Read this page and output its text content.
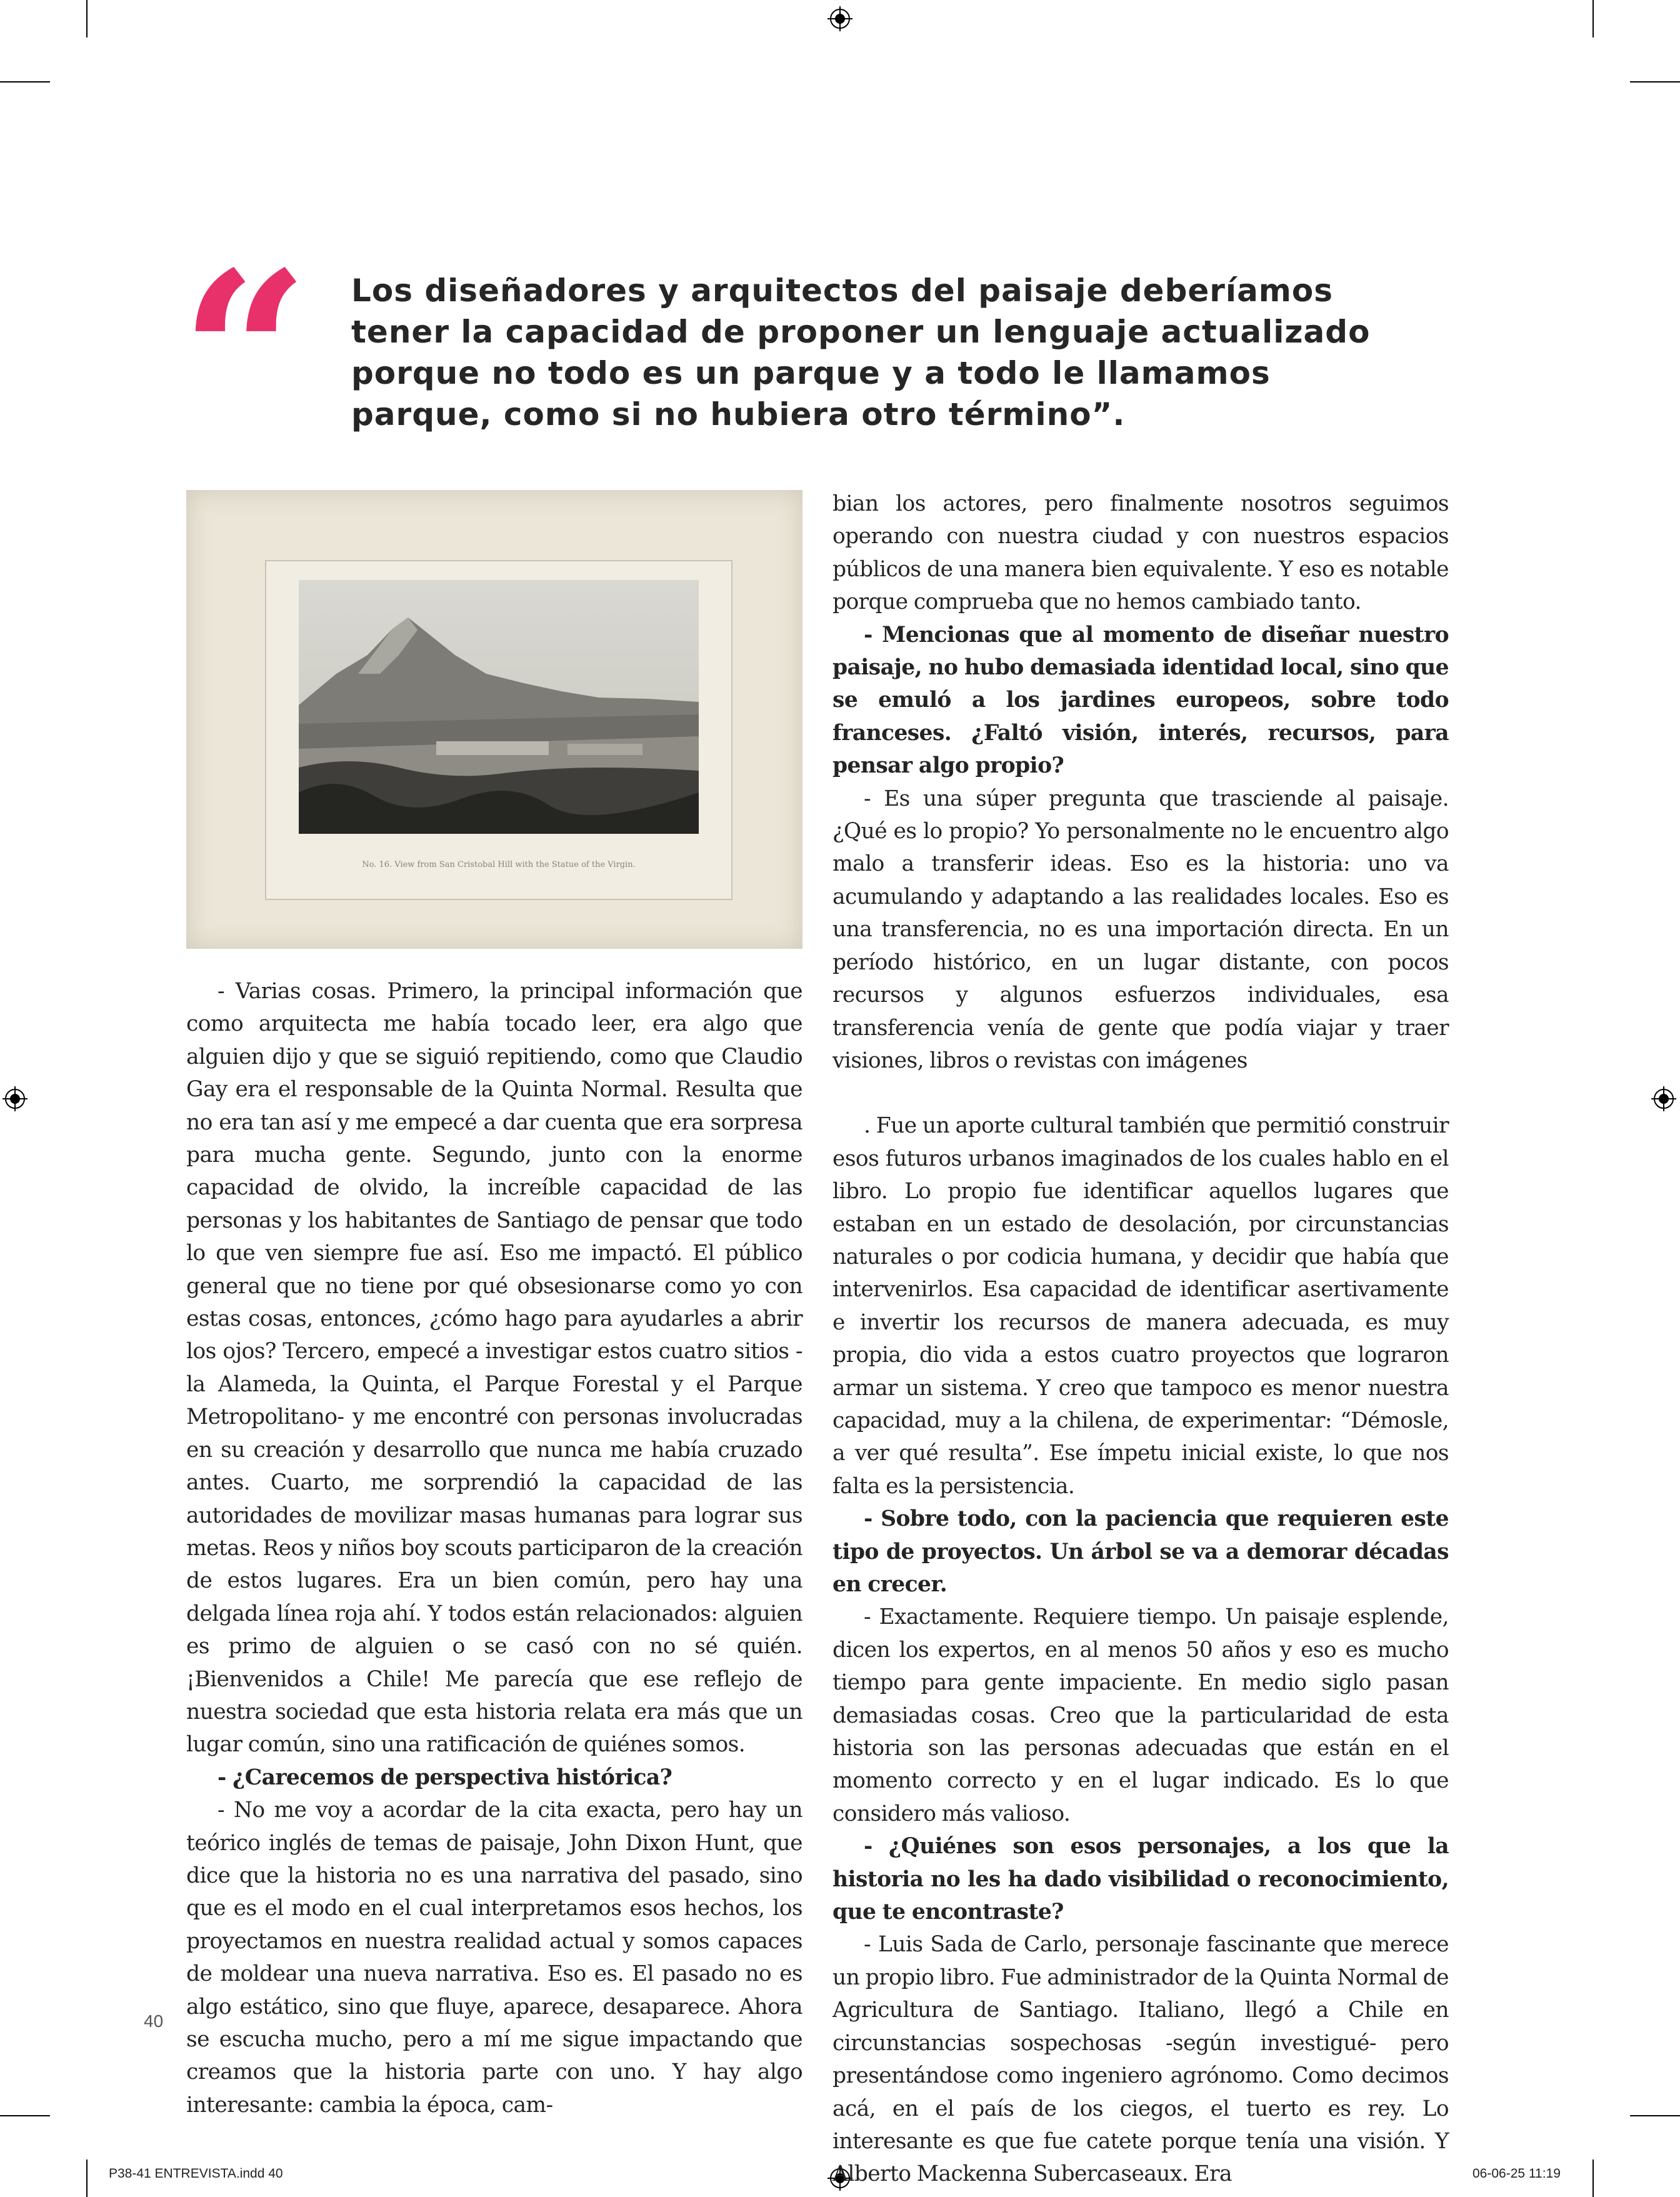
“ Los diseñadores y arquitectos del paisaje deberíamos tener la capacidad de proponer un lenguaje actualizado porque no todo es un parque y a todo le llamamos parque, como si no hubiera otro término”.

No. 16. View from San Cristobal Hill with the Statue of the Virgin.

- Varias cosas. Primero, la principal información que como arquitecta me había tocado leer, era algo que alguien dijo y que se siguió repitiendo, como que Claudio Gay era el responsable de la Quinta Normal. Resulta que no era tan así y me empecé a dar cuenta que era sorpresa para mucha gente. Segundo, junto con la enorme capacidad de olvido, la increíble capacidad de las personas y los habitantes de Santiago de pensar que todo lo que ven siempre fue así. Eso me impactó. El público general que no tiene por qué obsesionarse como yo con estas cosas, entonces, ¿cómo hago para ayudarles a abrir los ojos? Tercero, empecé a investigar estos cuatro sitios -la Alameda, la Quinta, el Parque Forestal y el Parque Metropolitano- y me encontré con personas involucradas en su creación y desarrollo que nunca me había cruzado antes. Cuarto, me sorprendió la capacidad de las autoridades de movilizar masas humanas para lograr sus metas. Reos y niños boy scouts participaron de la creación de estos lugares. Era un bien común, pero hay una delgada línea roja ahí. Y todos están relacionados: alguien es primo de alguien o se casó con no sé quién. ¡Bienvenidos a Chile! Me parecía que ese reflejo de nuestra sociedad que esta historia relata era más que un lugar común, sino una ratificación de quiénes somos.

- ¿Carecemos de perspectiva histórica?

- No me voy a acordar de la cita exacta, pero hay un teórico inglés de temas de paisaje, John Dixon Hunt, que dice que la historia no es una narrativa del pasado, sino que es el modo en el cual interpretamos esos hechos, los proyectamos en nuestra realidad actual y somos capaces de moldear una nueva narrativa. Eso es. El pasado no es algo estático, sino que fluye, aparece, desaparece. Ahora se escucha mucho, pero a mí me sigue impactando que creamos que la historia parte con uno. Y hay algo interesante: cambia la época, cam-

bian los actores, pero finalmente nosotros seguimos operando con nuestra ciudad y con nuestros espacios públicos de una manera bien equivalente. Y eso es notable porque comprueba que no hemos cambiado tanto.

- Mencionas que al momento de diseñar nuestro paisaje, no hubo demasiada identidad local, sino que se emuló a los jardines europeos, sobre todo franceses. ¿Faltó visión, interés, recursos, para pensar algo propio?

- Es una súper pregunta que trasciende al paisaje. ¿Qué es lo propio? Yo personalmente no le encuentro algo malo a transferir ideas. Eso es la historia: uno va acumulando y adaptando a las realidades locales. Eso es una transferencia, no es una importación directa. En un período histórico, en un lugar distante, con pocos recursos y algunos esfuerzos individuales, esa transferencia venía de gente que podía viajar y traer visiones, libros o revistas con imágenes

. Fue un aporte cultural también que permitió construir esos futuros urbanos imaginados de los cuales hablo en el libro. Lo propio fue identificar aquellos lugares que estaban en un estado de desolación, por circunstancias naturales o por codicia humana, y decidir que había que intervenirlos. Esa capacidad de identificar asertivamente e invertir los recursos de manera adecuada, es muy propia, dio vida a estos cuatro proyectos que lograron armar un sistema. Y creo que tampoco es menor nuestra capacidad, muy a la chilena, de experimentar: “Démosle, a ver qué resulta”. Ese ímpetu inicial existe, lo que nos falta es la persistencia.

- Sobre todo, con la paciencia que requieren este tipo de proyectos. Un árbol se va a demorar décadas en crecer.

- Exactamente. Requiere tiempo. Un paisaje esplende, dicen los expertos, en al menos 50 años y eso es mucho tiempo para gente impaciente. En medio siglo pasan demasiadas cosas. Creo que la particularidad de esta historia son las personas adecuadas que están en el momento correcto y en el lugar indicado. Es lo que considero más valioso.

- ¿Quiénes son esos personajes, a los que la historia no les ha dado visibilidad o reconocimiento, que te encontraste?

- Luis Sada de Carlo, personaje fascinante que merece un propio libro. Fue administrador de la Quinta Normal de Agricultura de Santiago. Italiano, llegó a Chile en circunstancias sospechosas -según investigué- pero presentándose como ingeniero agrónomo. Como decimos acá, en el país de los ciegos, el tuerto es rey. Lo interesante es que fue catete porque tenía una visión. Y Alberto Mackenna Subercaseaux. Era

40
P38-41 ENTREVISTA.indd 40	06-06-25 11:19
